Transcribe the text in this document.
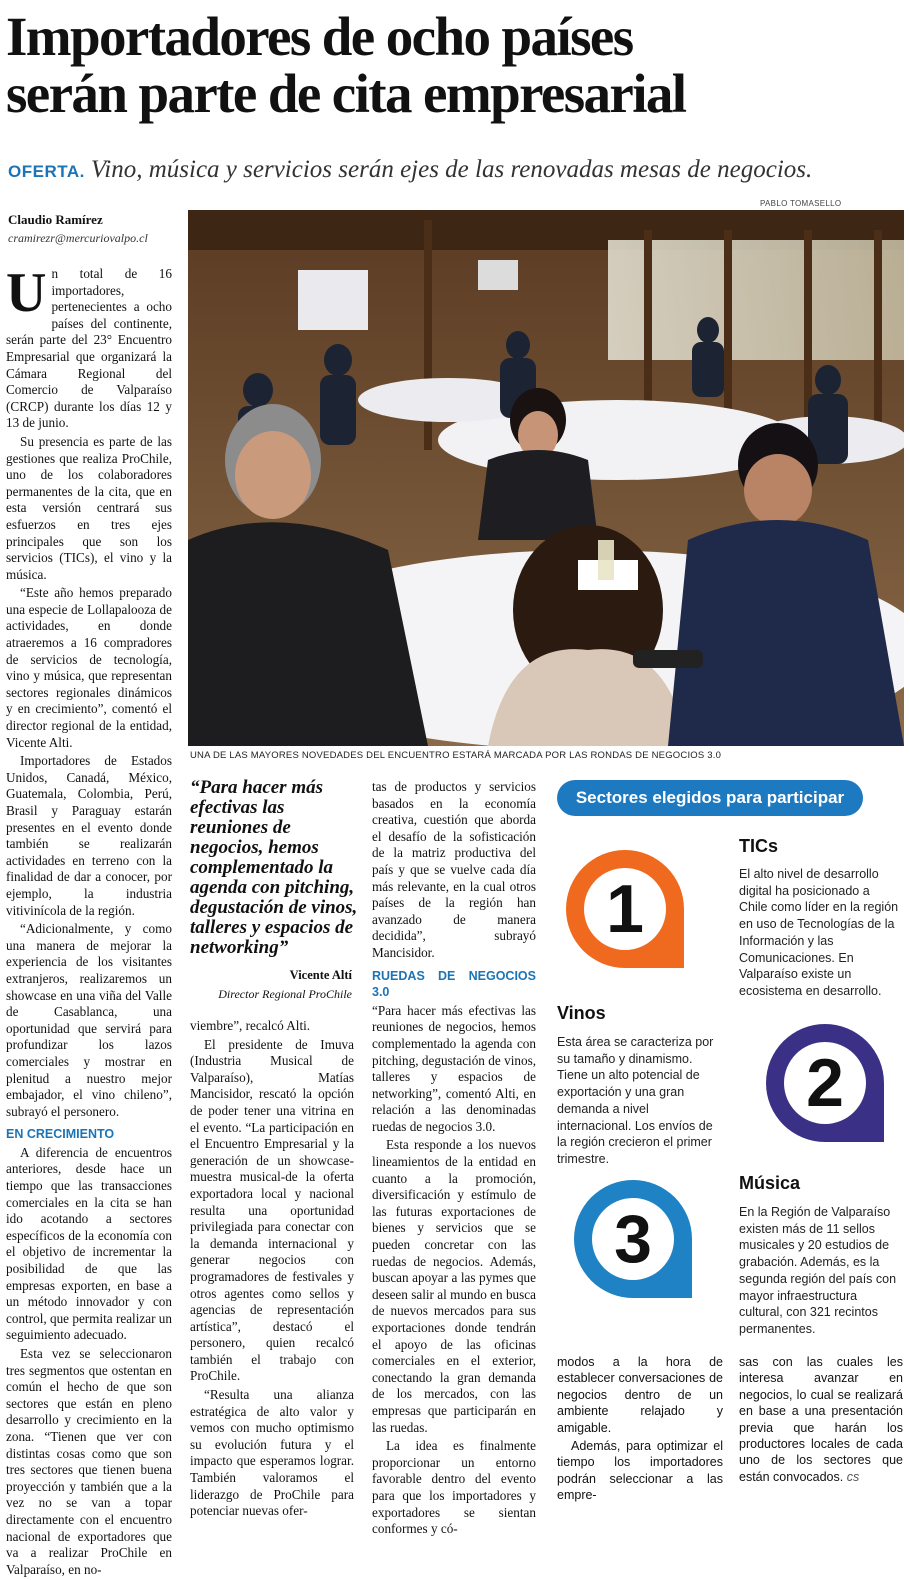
Importadores de ocho países
serán parte de cita empresarial
OFERTA. Vino, música y servicios serán ejes de las renovadas mesas de negocios.
Claudio Ramírez
cramirezr@mercuriovalpo.cl
PABLO TOMASELLO
UNA DE LAS MAYORES NOVEDADES DEL ENCUENTRO ESTARÁ MARCADA POR LAS RONDAS DE NEGOCIOS 3.0

Un total de 16 importadores, pertenecientes a ocho países del continente, serán parte del 23° Encuentro Empresarial que organizará la Cámara Regional del Comercio de Valparaíso (CRCP) durante los días 12 y 13 de junio.

Su presencia es parte de las gestiones que realiza ProChile, uno de los colaboradores permanentes de la cita, que en esta versión centrará sus esfuerzos en tres ejes principales que son los servicios (TICs), el vino y la música.

“Este año hemos preparado una especie de Lollapalooza de actividades, en donde atraeremos a 16 compradores de servicios de tecnología, vino y música, que representan sectores regionales dinámicos y en crecimiento”, comentó el director regional de la entidad, Vicente Alti.

Importadores de Estados Unidos, Canadá, México, Guatemala, Colombia, Perú, Brasil y Paraguay estarán presentes en el evento donde también se realizarán actividades en terreno con la finalidad de dar a conocer, por ejemplo, la industria vitivinícola de la región.

“Adicionalmente, y como una manera de mejorar la experiencia de los visitantes extranjeros, realizaremos un showcase en una viña del Valle de Casablanca, una oportunidad que servirá para profundizar los lazos comerciales y mostrar en plenitud a nuestro mejor embajador, el vino chileno”, subrayó el personero.

EN CRECIMIENTO

A diferencia de encuentros anteriores, desde hace un tiempo que las transacciones comerciales en la cita se han ido acotando a sectores específicos de la economía con el objetivo de incrementar la posibilidad de que las empresas exporten, en base a un método innovador y con control, que permita realizar un seguimiento adecuado.

Esta vez se seleccionaron tres segmentos que ostentan en común el hecho de que son sectores que están en pleno desarrollo y crecimiento en la zona. “Tienen que ver con distintas cosas como que son tres sectores que tienen buena proyección y también que a la vez no se van a topar directamente con el encuentro nacional de exportadores que va a realizar ProChile en Valparaíso, en no-

“Para hacer más efectivas las reuniones de negocios, hemos complementado la agenda con pitching, degustación de vinos, talleres y espacios de networking”
Vicente Altí
Director Regional ProChile

viembre”, recalcó Alti.

El presidente de Imuva (Industria Musical de Valparaíso), Matías Mancisidor, rescató la opción de poder tener una vitrina en el evento. “La participación en el Encuentro Empresarial y la generación de un showcase-muestra musical-de la oferta exportadora local y nacional resulta una oportunidad privilegiada para conectar con la demanda internacional y generar negocios con programadores de festivales y otros agentes como sellos y agencias de representación artística”, destacó el personero, quien recalcó también el trabajo con ProChile.

“Resulta una alianza estratégica de alto valor y vemos con mucho optimismo su evolución futura y el impacto que esperamos lograr. También valoramos el liderazgo de ProChile para potenciar nuevas ofer-

tas de productos y servicios basados en la economía creativa, cuestión que aborda el desafío de la sofisticación de la matriz productiva del país y que se vuelve cada día más relevante, en la cual otros países de la región han avanzado de manera decidida”, subrayó Mancisidor.

RUEDAS DE NEGOCIOS 3.0

“Para hacer más efectivas las reuniones de negocios, hemos complementado la agenda con pitching, degustación de vinos, talleres y espacios de networking”, comentó Alti, en relación a las denominadas ruedas de negocios 3.0.

Esta responde a los nuevos lineamientos de la entidad en cuanto a la promoción, diversificación y estímulo de las futuras exportaciones de bienes y servicios que se pueden concretar con las ruedas de negocios. Además, buscan apoyar a las pymes que deseen salir al mundo en busca de nuevos mercados para sus exportaciones donde tendrán el apoyo de las oficinas comerciales en el exterior, conectando la gran demanda de los mercados, con las empresas que participarán en las ruedas.

La idea es finalmente proporcionar un entorno favorable dentro del evento para que los importadores y exportadores se sientan conformes y có-

Sectores elegidos para participar
1
TICs
El alto nivel de desarrollo digital ha posicionado a Chile como líder en la región en uso de Tecnologías de la Información y las Comunicaciones. En Valparaíso existe un ecosistema en desarrollo.
Vinos
Esta área se caracteriza por su tamaño y dinamismo. Tiene un alto potencial de exportación y una gran demanda a nivel internacional. Los envíos de la región crecieron el primer trimestre.
2
3
Música
En la Región de Valparaíso existen más de 11 sellos musicales y 20 estudios de grabación. Además, es la segunda región del país con mayor infraestructura cultural, con 321 recintos permanentes.

modos a la hora de establecer conversaciones de negocios dentro de un ambiente relajado y amigable.

Además, para optimizar el tiempo los importadores podrán seleccionar a las empre-

sas con las cuales les interesa avanzar en negocios, lo cual se realizará en base a una presentación previa que harán los productores locales de cada uno de los sectores que están convocados. cs
